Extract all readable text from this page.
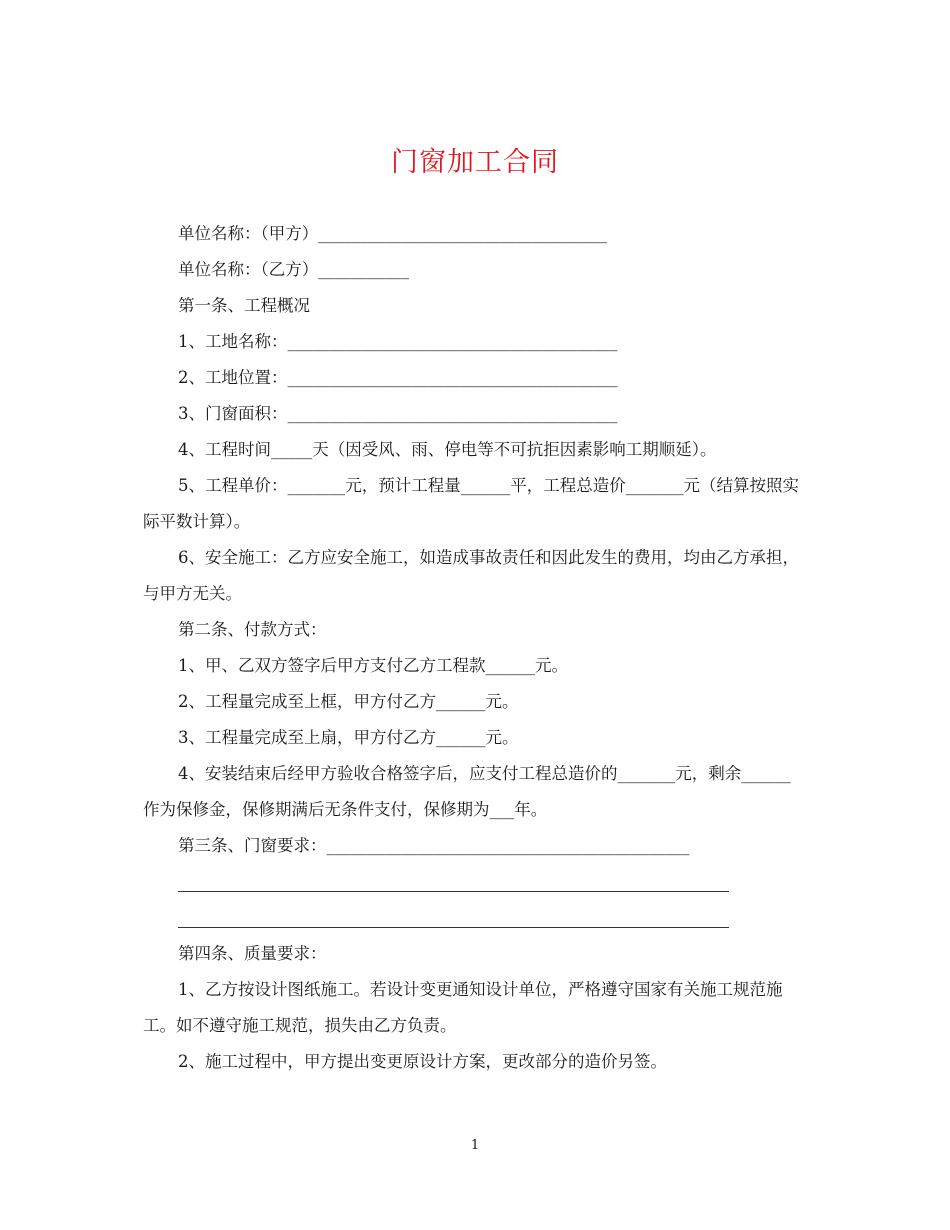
门窗加工合同

单位名称：（甲方）___________________________________

单位名称：（乙方）___________

第一条、工程概况

1、工地名称：________________________________________

2、工地位置：________________________________________

3、门窗面积：________________________________________

4、工程时间_____天（因受风、雨、停电等不可抗拒因素影响工期顺延）。

5、工程单价：_______元，预计工程量______平，工程总造价_______元（结算按照实际平数计算）。

6、安全施工：乙方应安全施工，如造成事故责任和因此发生的费用，均由乙方承担，与甲方无关。

第二条、付款方式：

1、甲、乙双方签字后甲方支付乙方工程款______元。

2、工程量完成至上框，甲方付乙方______元。

3、工程量完成至上扇，甲方付乙方______元。

4、安装结束后经甲方验收合格签字后，应支付工程总造价的_______元，剩余______作为保修金，保修期满后无条件支付，保修期为___年。

第三条、门窗要求：____________________________________________

第四条、质量要求：

1、乙方按设计图纸施工。若设计变更通知设计单位，严格遵守国家有关施工规范施工。如不遵守施工规范，损失由乙方负责。

2、施工过程中，甲方提出变更原设计方案，更改部分的造价另签。

1
